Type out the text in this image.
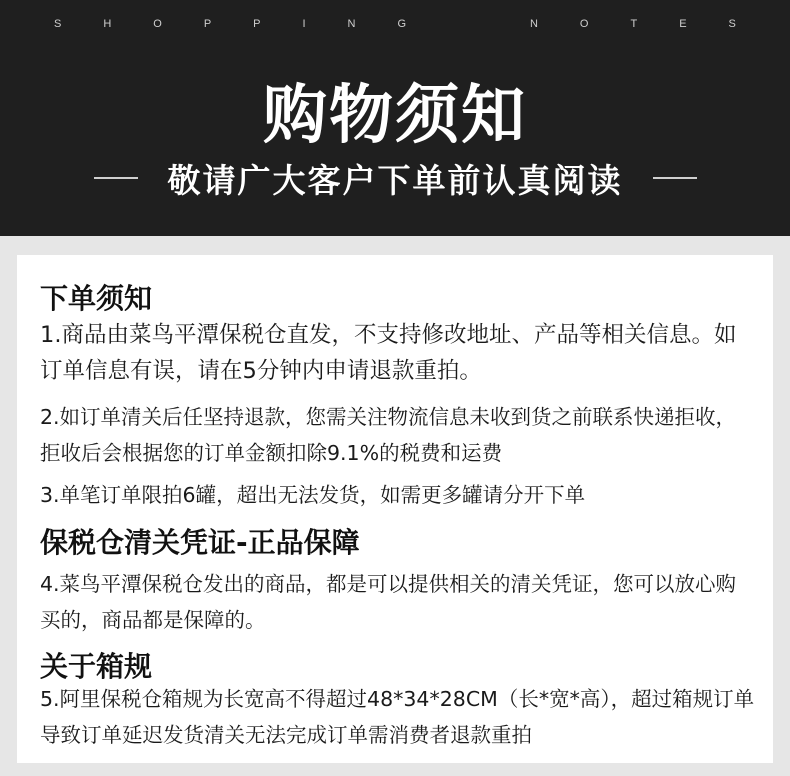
S	H	O	P	P	I	N	G	N	O	T	E	S
购物须知
敬请广大客户下单前认真阅读
下单须知
1.商品由菜鸟平潭保税仓直发，不支持修改地址、产品等相关信息。如订单信息有误，请在5分钟内申请退款重拍。
2.如订单清关后任坚持退款，您需关注物流信息未收到货之前联系快递拒收，拒收后会根据您的订单金额扣除9.1%的税费和运费
3.单笔订单限拍6罐，超出无法发货，如需更多罐请分开下单
保税仓清关凭证-正品保障
4.菜鸟平潭保税仓发出的商品，都是可以提供相关的清关凭证，您可以放心购买的，商品都是保障的。
关于箱规
5.阿里保税仓箱规为长宽高不得超过48*34*28CM（长*宽*高），超过箱规订单导致订单延迟发货清关无法完成订单需消费者退款重拍
